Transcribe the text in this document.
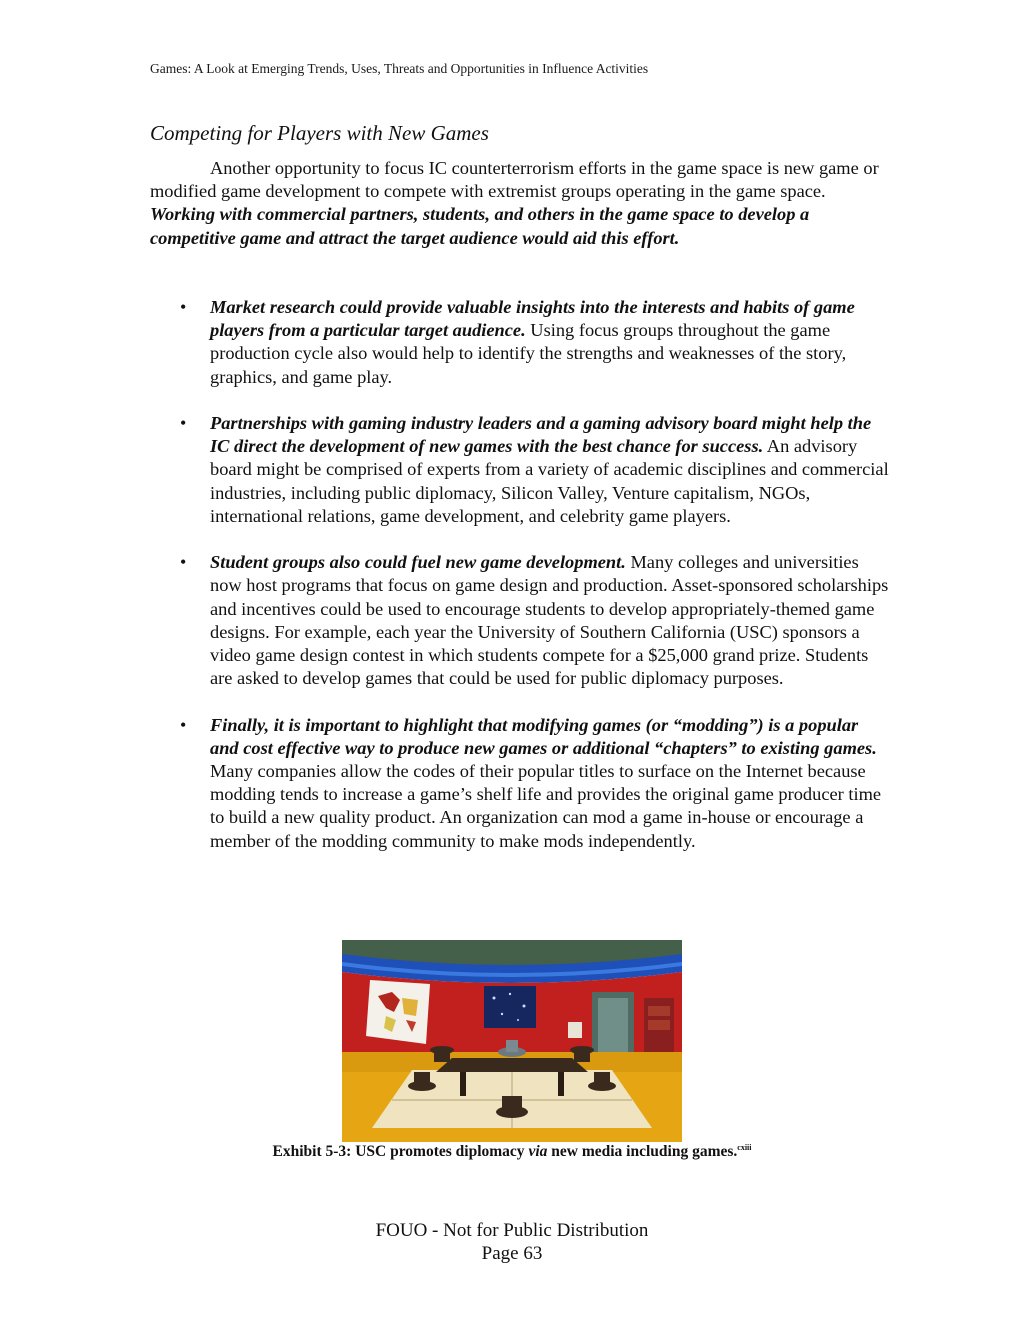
Games: A Look at Emerging Trends, Uses, Threats and Opportunities in Influence Activities
Competing for Players with New Games

Another opportunity to focus IC counterterrorism efforts in the game space is new game or modified game development to compete with extremist groups operating in the game space. Working with commercial partners, students, and others in the game space to develop a competitive game and attract the target audience would aid this effort.

• Market research could provide valuable insights into the interests and habits of game players from a particular target audience. Using focus groups throughout the game production cycle also would help to identify the strengths and weaknesses of the story, graphics, and game play.
• Partnerships with gaming industry leaders and a gaming advisory board might help the IC direct the development of new games with the best chance for success. An advisory board might be comprised of experts from a variety of academic disciplines and commercial industries, including public diplomacy, Silicon Valley, Venture capitalism, NGOs, international relations, game development, and celebrity game players.
• Student groups also could fuel new game development. Many colleges and universities now host programs that focus on game design and production. Asset-sponsored scholarships and incentives could be used to encourage students to develop appropriately-themed game designs. For example, each year the University of Southern California (USC) sponsors a video game design contest in which students compete for a $25,000 grand prize. Students are asked to develop games that could be used for public diplomacy purposes.
• Finally, it is important to highlight that modifying games (or “modding”) is a popular and cost effective way to produce new games or additional “chapters” to existing games. Many companies allow the codes of their popular titles to surface on the Internet because modding tends to increase a game’s shelf life and provides the original game producer time to build a new quality product. An organization can mod a game in-house or encourage a member of the modding community to make mods independently.
Exhibit 5-3: USC promotes diplomacy via new media including games.$^{cxiii}$
FOUO - Not for Public Distribution
Page 63
